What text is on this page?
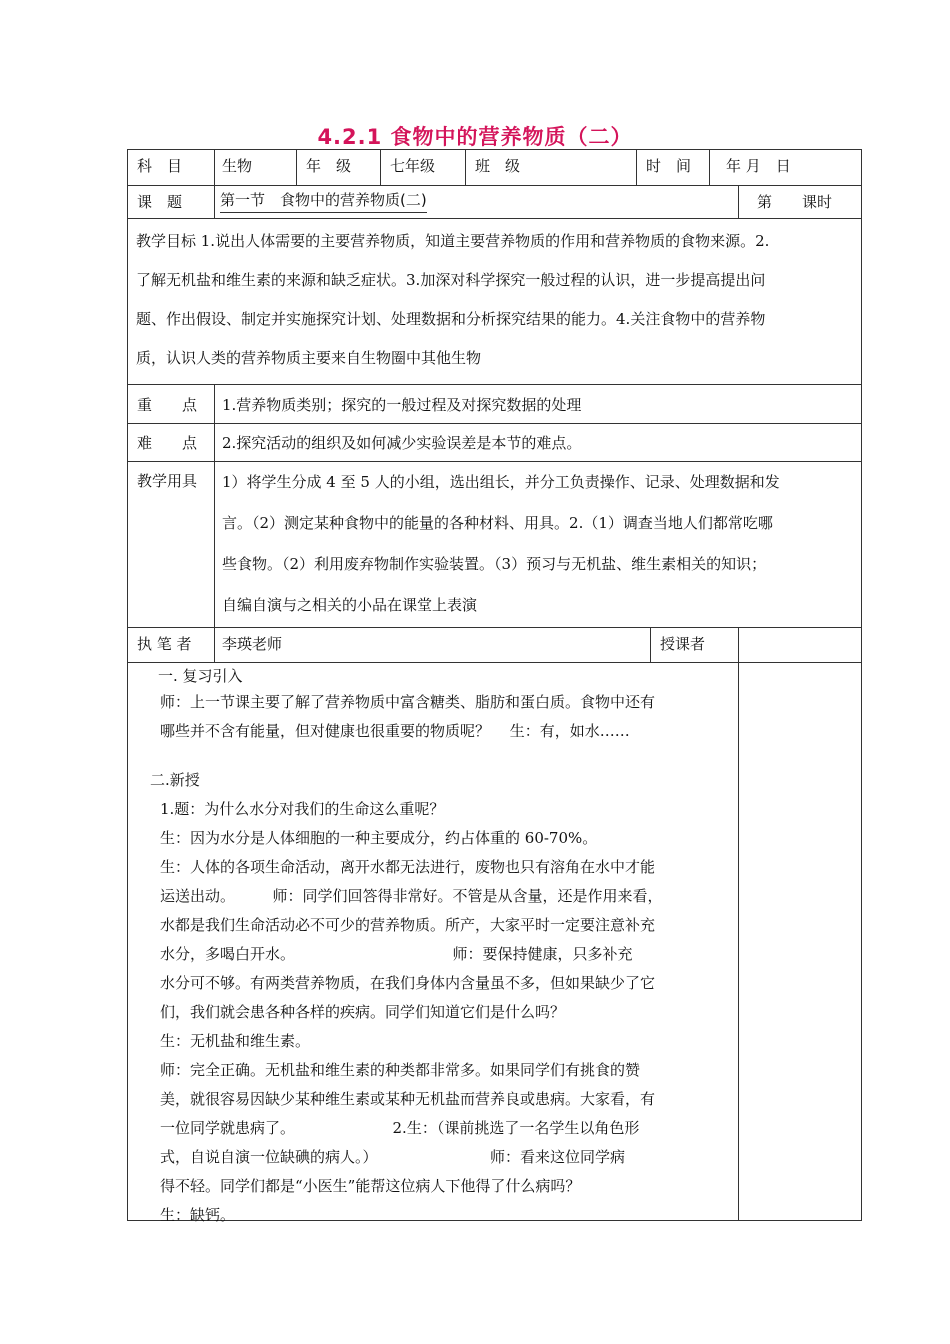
4.2.1 食物中的营养物质（二）
科　目	生物	年　级	七年级	班　级	时　间 年 月　日
课　题	第一节　食物中的营养物质(二)	第　　课时
教学目标 1.说出人体需要的主要营养物质，知道主要营养物质的作用和营养物质的食物来源。2.
了解无机盐和维生素的来源和缺乏症状。3.加深对科学探究一般过程的认识，进一步提高提出问
题、作出假设、制定并实施探究计划、处理数据和分析探究结果的能力。4.关注食物中的营养物
质，认识人类的营养物质主要来自生物圈中其他生物
重　　点 1.营养物质类别；探究的一般过程及对探究数据的处理
难　　点 2.探究活动的组织及如何减少实验误差是本节的难点。
教学用具 1）将学生分成 4 至 5 人的小组，选出组长，并分工负责操作、记录、处理数据和发
言。（2）测定某种食物中的能量的各种材料、用具。2.（1）调查当地人们都常吃哪
些食物。（2）利用废弃物制作实验装置。（3）预习与无机盐、维生素相关的知识；
自编自演与之相关的小品在课堂上表演
执 笔 者 李瑛老师	授课者
一. 复习引入
师：上一节课主要了解了营养物质中富含糖类、脂肪和蛋白质。食物中还有
哪些并不含有能量，但对健康也很重要的物质呢？　 生：有，如水……
二.新授
1.题：为什么水分对我们的生命这么重呢？
生：因为水分是人体细胞的一种主要成分，约占体重的 60-70%。
生：人体的各项生命活动，离开水都无法进行，废物也只有溶角在水中才能
运送出动。　　　师：同学们回答得非常好。不管是从含量，还是作用来看，
水都是我们生命活动必不可少的营养物质。所产，大家平时一定要注意补充
水分，多喝白开水。　　　　　　　　　　　师：要保持健康，只多补充
水分可不够。有两类营养物质，在我们身体内含量虽不多，但如果缺少了它
们，我们就会患各种各样的疾病。同学们知道它们是什么吗？
生：无机盐和维生素。
师：完全正确。无机盐和维生素的种类都非常多。如果同学们有挑食的赞
美，就很容易因缺少某种维生素或某种无机盐而营养良或患病。大家看，有
一位同学就患病了。　　　　　　　2.生：（课前挑选了一名学生以角色形
式，自说自演一位缺碘的病人。）　　　　　　　　师：看来这位同学病
得不轻。同学们都是“小医生”能帮这位病人下他得了什么病吗？
生：缺钙。
